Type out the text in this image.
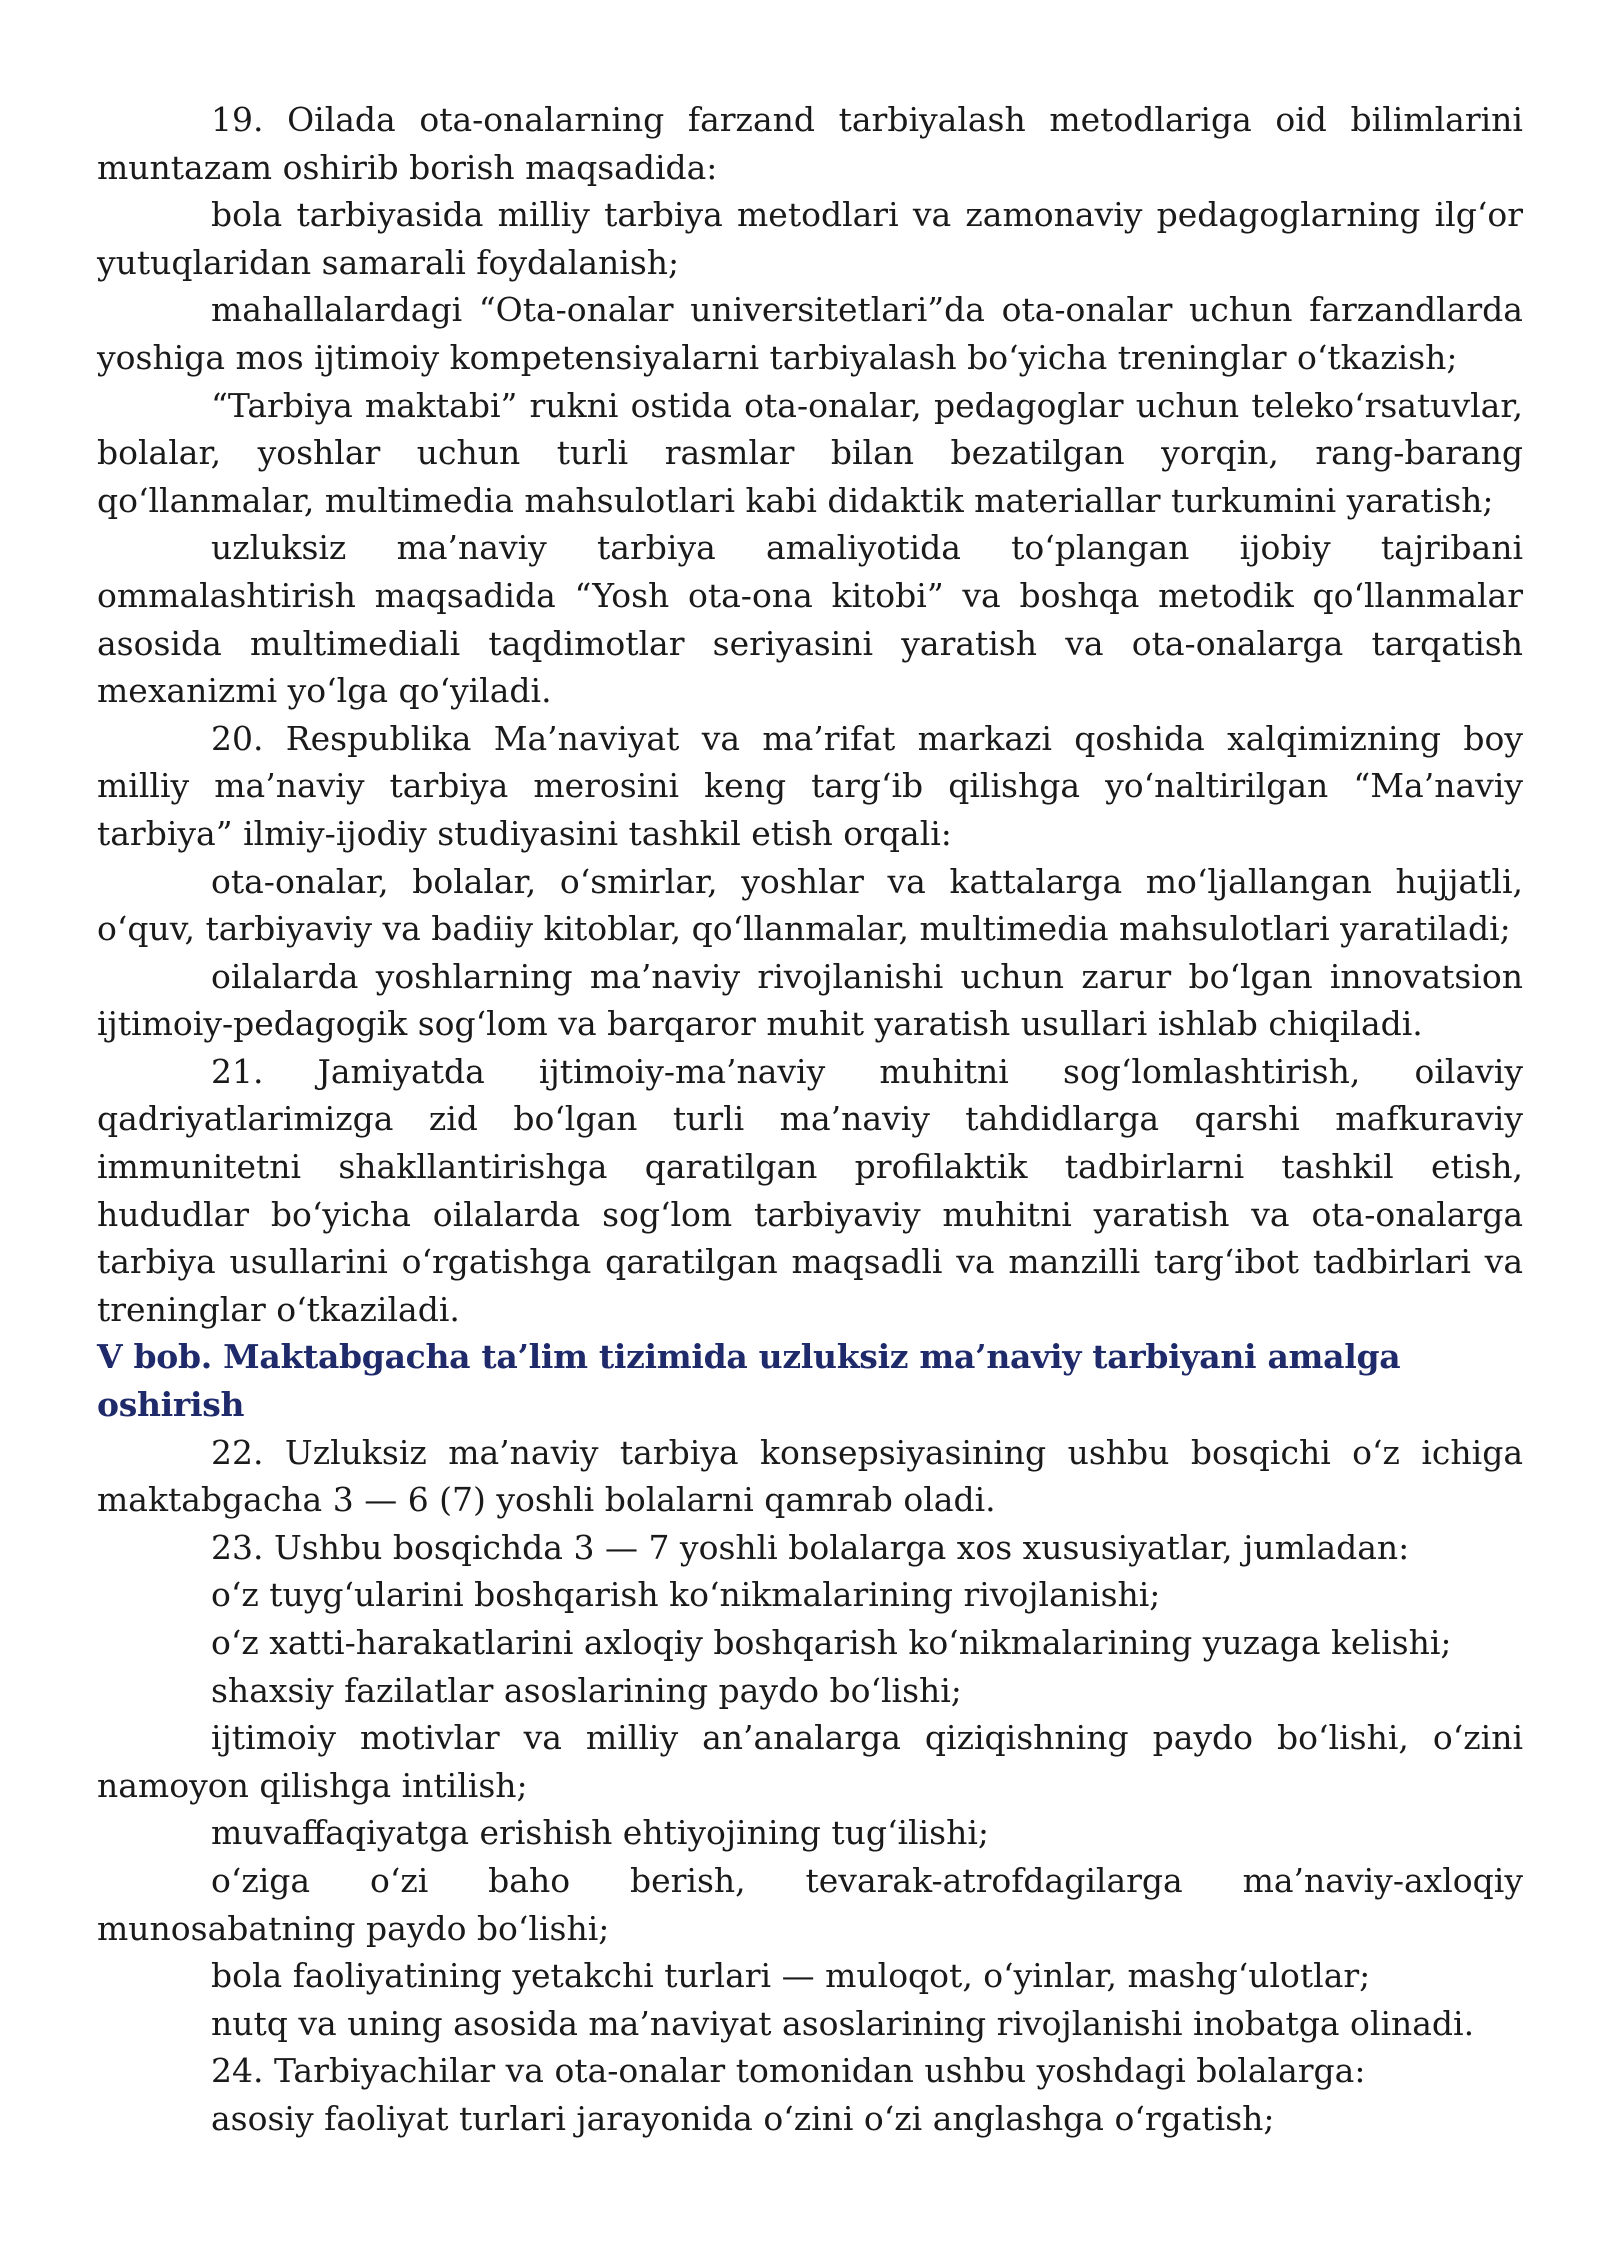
19. Oilada ota-onalarning farzand tarbiyalash metodlariga oid bilimlarini muntazam oshirib borish maqsadida:

bola tarbiyasida milliy tarbiya metodlari va zamonaviy pedagoglarning ilg‘or yutuqlaridan samarali foydalanish;

mahallalardagi “Ota-onalar universitetlari”da ota-onalar uchun farzandlarda yoshiga mos ijtimoiy kompetensiyalarni tarbiyalash bo‘yicha treninglar o‘tkazish;

“Tarbiya maktabi” rukni ostida ota-onalar, pedagoglar uchun teleko‘rsatuvlar, bolalar, yoshlar uchun turli rasmlar bilan bezatilgan yorqin, rang-barang qo‘llanmalar, multimedia mahsulotlari kabi didaktik materiallar turkumini yaratish;

uzluksiz ma’naviy tarbiya amaliyotida to‘plangan ijobiy tajribani ommalashtirish maqsadida “Yosh ota-ona kitobi” va boshqa metodik qo‘llanmalar asosida multimediali taqdimotlar seriyasini yaratish va ota-onalarga tarqatish mexanizmi yo‘lga qo‘yiladi.

20. Respublika Ma’naviyat va ma’rifat markazi qoshida xalqimizning boy milliy ma’naviy tarbiya merosini keng targ‘ib qilishga yo‘naltirilgan “Ma’naviy tarbiya” ilmiy-ijodiy studiyasini tashkil etish orqali:

ota-onalar, bolalar, o‘smirlar, yoshlar va kattalarga mo‘ljallangan hujjatli, o‘quv, tarbiyaviy va badiiy kitoblar, qo‘llanmalar, multimedia mahsulotlari yaratiladi;

oilalarda yoshlarning ma’naviy rivojlanishi uchun zarur bo‘lgan innovatsion ijtimoiy-pedagogik sog‘lom va barqaror muhit yaratish usullari ishlab chiqiladi.

21. Jamiyatda ijtimoiy-ma’naviy muhitni sog‘lomlashtirish, oilaviy qadriyatlarimizga zid bo‘lgan turli ma’naviy tahdidlarga qarshi mafkuraviy immunitetni shakllantirishga qaratilgan profilaktik tadbirlarni tashkil etish, hududlar bo‘yicha oilalarda sog‘lom tarbiyaviy muhitni yaratish va ota-onalarga tarbiya usullarini o‘rgatishga qaratilgan maqsadli va manzilli targ‘ibot tadbirlari va treninglar o‘tkaziladi.

V bob. Maktabgacha ta’lim tizimida uzluksiz ma’naviy tarbiyani amalga oshirish

22. Uzluksiz ma’naviy tarbiya konsepsiyasining ushbu bosqichi o‘z ichiga maktabgacha 3 — 6 (7) yoshli bolalarni qamrab oladi.

23. Ushbu bosqichda 3 — 7 yoshli bolalarga xos xususiyatlar, jumladan:

o‘z tuyg‘ularini boshqarish ko‘nikmalarining rivojlanishi;

o‘z xatti-harakatlarini axloqiy boshqarish ko‘nikmalarining yuzaga kelishi;

shaxsiy fazilatlar asoslarining paydo bo‘lishi;

ijtimoiy motivlar va milliy an’analarga qiziqishning paydo bo‘lishi, o‘zini namoyon qilishga intilish;

muvaffaqiyatga erishish ehtiyojining tug‘ilishi;

o‘ziga o‘zi baho berish, tevarak-atrofdagilarga ma’naviy-axloqiy munosabatning paydo bo‘lishi;

bola faoliyatining yetakchi turlari — muloqot, o‘yinlar, mashg‘ulotlar;

nutq va uning asosida ma’naviyat asoslarining rivojlanishi inobatga olinadi.

24. Tarbiyachilar va ota-onalar tomonidan ushbu yoshdagi bolalarga:

asosiy faoliyat turlari jarayonida o‘zini o‘zi anglashga o‘rgatish;
